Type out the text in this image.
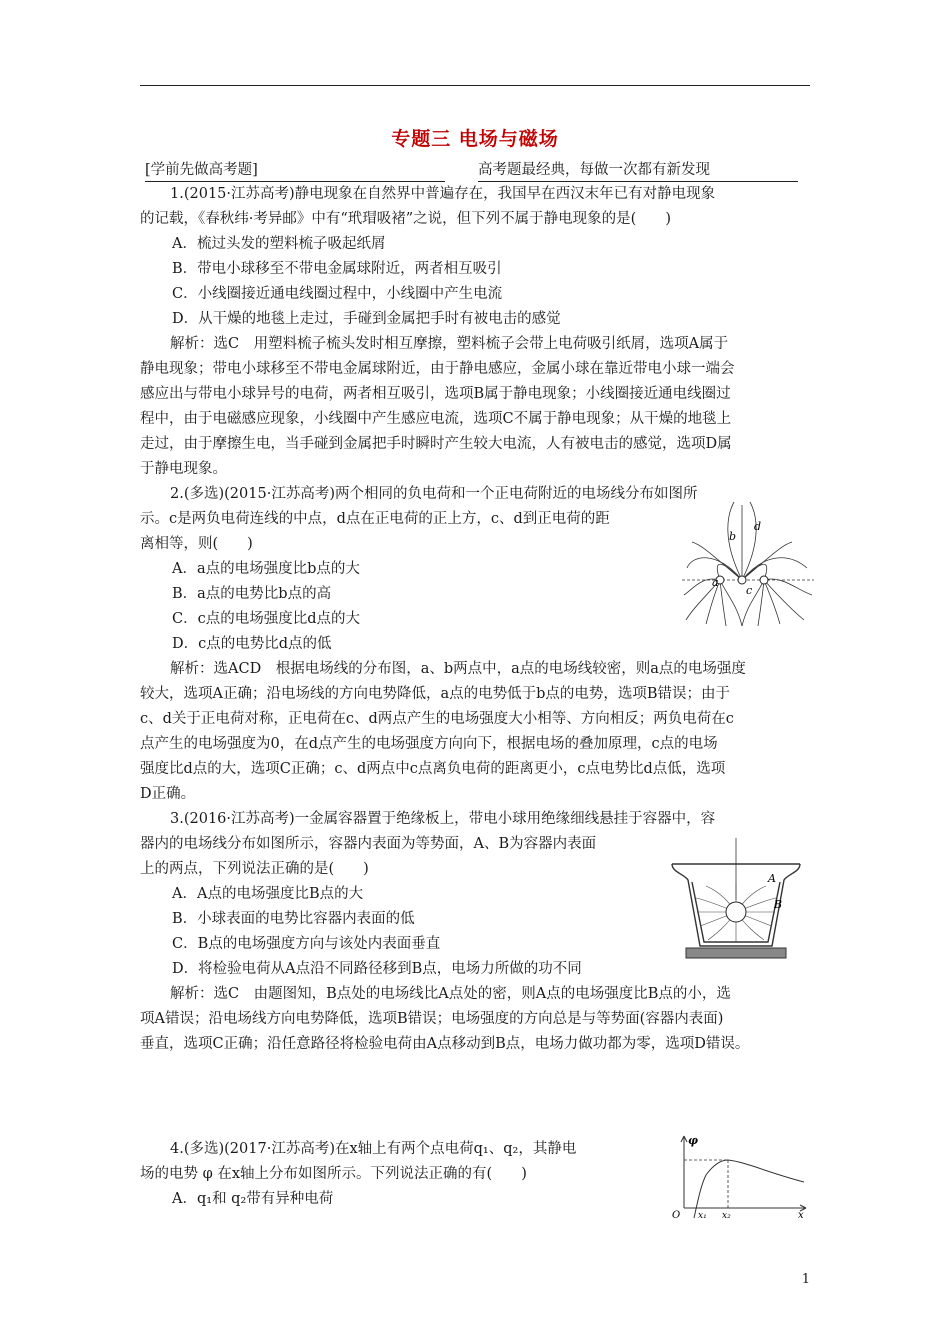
专题三 电场与磁场
[学前先做高考题]	高考题最经典，每做一次都有新发现

1.(2015·江苏高考)静电现象在自然界中普遍存在，我国早在西汉末年已有对静电现象

的记载，《春秋纬·考异邮》中有“玳瑁吸褚”之说，但下列不属于静电现象的是(　　)

A．梳过头发的塑料梳子吸起纸屑

B．带电小球移至不带电金属球附近，两者相互吸引

C．小线圈接近通电线圈过程中，小线圈中产生电流

D．从干燥的地毯上走过，手碰到金属把手时有被电击的感觉

解析：选C　用塑料梳子梳头发时相互摩擦，塑料梳子会带上电荷吸引纸屑，选项A属于

静电现象；带电小球移至不带电金属球附近，由于静电感应，金属小球在靠近带电小球一端会

感应出与带电小球异号的电荷，两者相互吸引，选项B属于静电现象；小线圈接近通电线圈过

程中，由于电磁感应现象，小线圈中产生感应电流，选项C不属于静电现象；从干燥的地毯上

走过，由于摩擦生电，当手碰到金属把手时瞬时产生较大电流，人有被电击的感觉，选项D属

于静电现象。

2.(多选)(2015·江苏高考)两个相同的负电荷和一个正电荷附近的电场线分布如图所

示。c是两负电荷连线的中点，d点在正电荷的正上方，c、d到正电荷的距

离相等，则(　　)

A．a点的电场强度比b点的大

B．a点的电势比b点的高

C．c点的电场强度比d点的大

D．c点的电势比d点的低

解析：选ACD　根据电场线的分布图，a、b两点中，a点的电场线较密，则a点的电场强度

较大，选项A正确；沿电场线的方向电势降低，a点的电势低于b点的电势，选项B错误；由于

c、d关于正电荷对称，正电荷在c、d两点产生的电场强度大小相等、方向相反；两负电荷在c

点产生的电场强度为0，在d点产生的电场强度方向向下，根据电场的叠加原理，c点的电场

强度比d点的大，选项C正确；c、d两点中c点离负电荷的距离更小，c点电势比d点低，选项

D正确。

d
b
a
c

3.(2016·江苏高考)一金属容器置于绝缘板上，带电小球用绝缘细线悬挂于容器中，容

器内的电场线分布如图所示，容器内表面为等势面，A、B为容器内表面

上的两点，下列说法正确的是(　　)

A．A点的电场强度比B点的大

B．小球表面的电势比容器内表面的低

C．B点的电场强度方向与该处内表面垂直

D．将检验电荷从A点沿不同路径移到B点，电场力所做的功不同

解析：选C　由题图知，B点处的电场线比A点处的密，则A点的电场强度比B点的小，选

项A错误；沿电场线方向电势降低，选项B错误；电场强度的方向总是与等势面(容器内表面)

垂直，选项C正确；沿任意路径将检验电荷由A点移动到B点，电场力做功都为零，选项D错误。

A
B

4.(多选)(2017·江苏高考)在x轴上有两个点电荷q₁、q₂，其静电

场的电势 φ 在x轴上分布如图所示。下列说法正确的有(　　)

A．q₁和 q₂带有异种电荷

φ
O x₁ x₂	x
1
